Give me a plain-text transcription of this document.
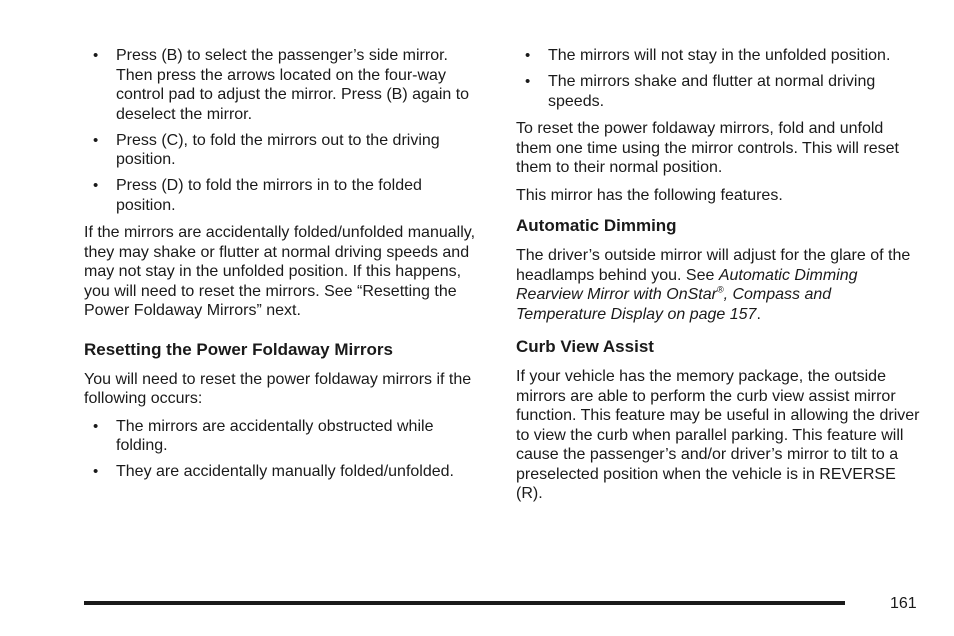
• Press (B) to select the passenger’s side mirror. Then press the arrows located on the four-way control pad to adjust the mirror. Press (B) again to deselect the mirror.
• Press (C), to fold the mirrors out to the driving position.
• Press (D) to fold the mirrors in to the folded position.

If the mirrors are accidentally folded/unfolded manually, they may shake or flutter at normal driving speeds and may not stay in the unfolded position. If this happens, you will need to reset the mirrors. See “Resetting the Power Foldaway Mirrors” next.

Resetting the Power Foldaway Mirrors

You will need to reset the power foldaway mirrors if the following occurs:

• The mirrors are accidentally obstructed while folding.
• They are accidentally manually folded/unfolded.
• The mirrors will not stay in the unfolded position.
• The mirrors shake and flutter at normal driving speeds.

To reset the power foldaway mirrors, fold and unfold them one time using the mirror controls. This will reset them to their normal position.

This mirror has the following features.

Automatic Dimming

The driver’s outside mirror will adjust for the glare of the headlamps behind you. See Automatic Dimming Rearview Mirror with OnStar®, Compass and Temperature Display on page 157.

Curb View Assist

If your vehicle has the memory package, the outside mirrors are able to perform the curb view assist mirror function. This feature may be useful in allowing the driver to view the curb when parallel parking. This feature will cause the passenger’s and/or driver’s mirror to tilt to a preselected position when the vehicle is in REVERSE (R).

161
